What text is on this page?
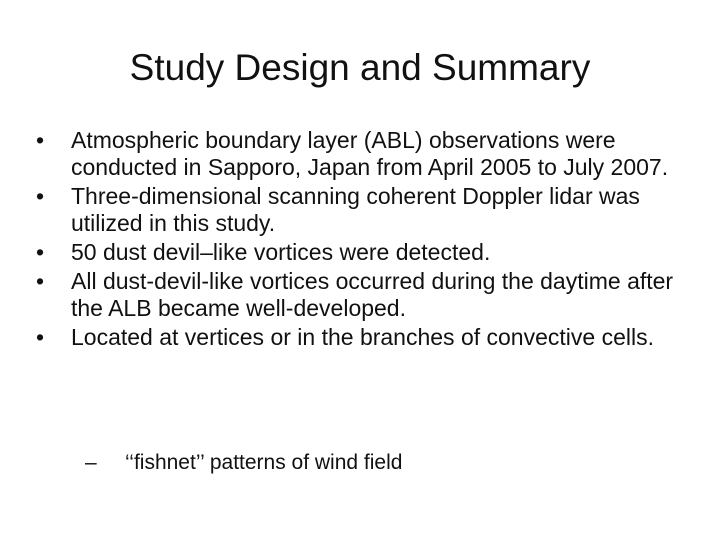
Study Design and Summary
•	Atmospheric boundary layer (ABL) observations were conducted in Sapporo, Japan from April 2005 to July 2007.
•	Three-dimensional scanning coherent Doppler lidar was utilized in this study.
•	50 dust devil–like vortices were detected.
•	All dust-devil-like vortices occurred during the daytime after the ALB became well-developed.
•	Located at vertices or in the branches of convective cells.
–	‘‘fishnet’’ patterns of wind field
